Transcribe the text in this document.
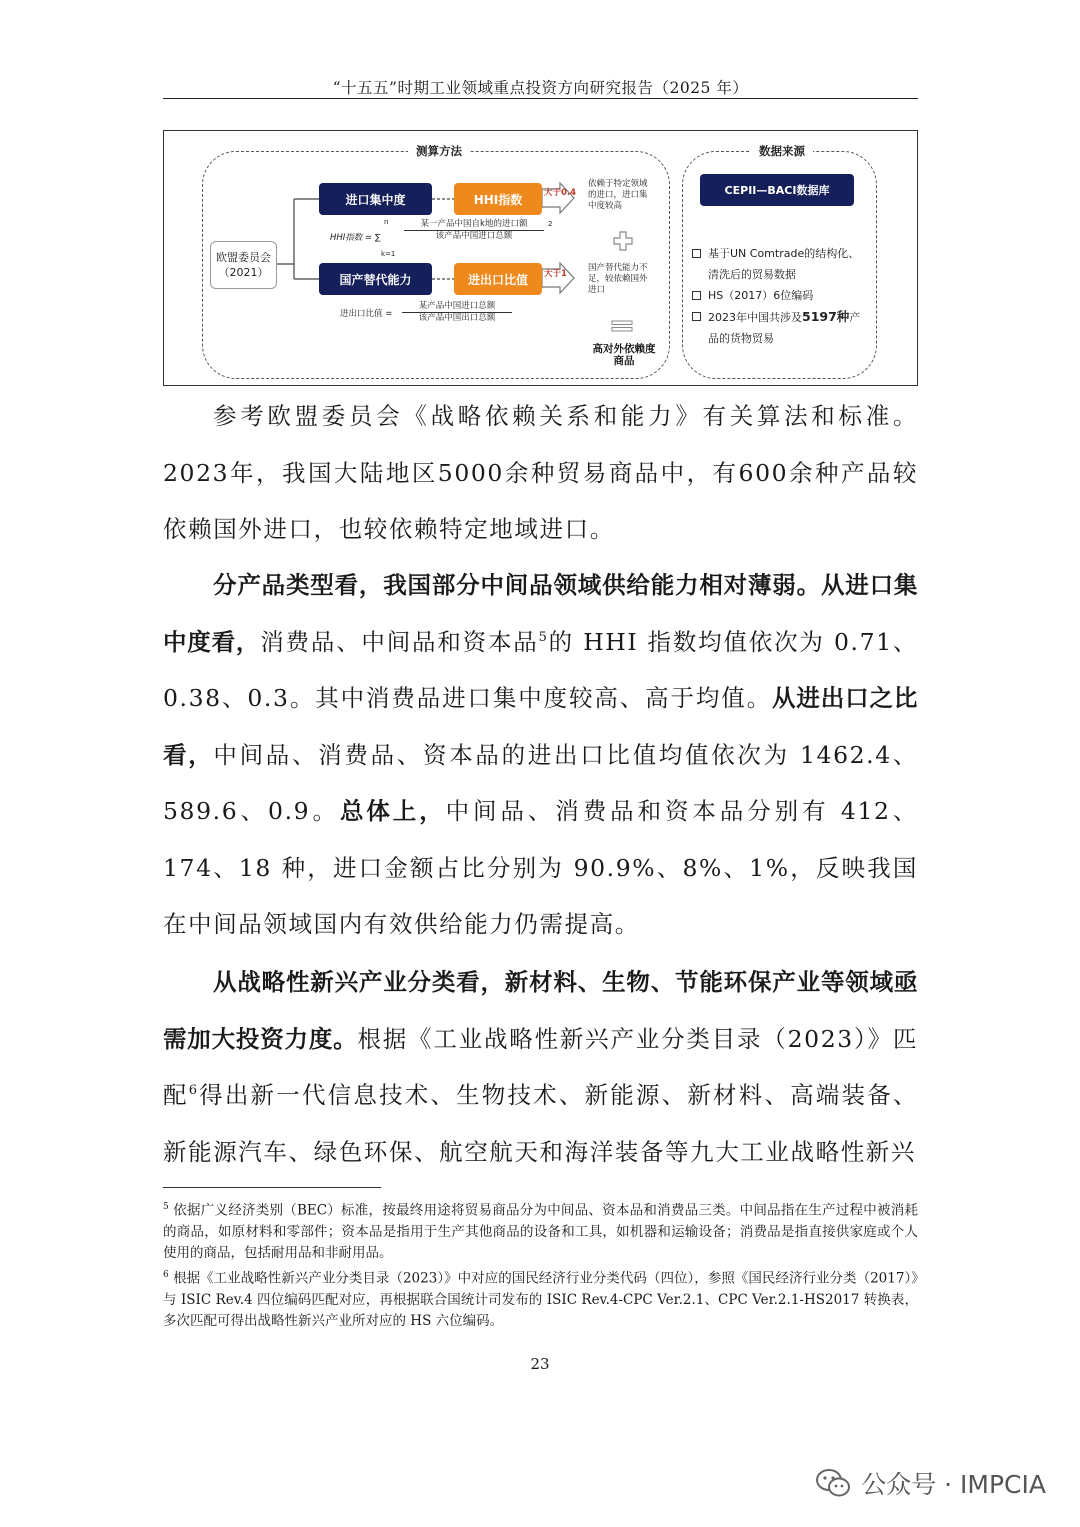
“十五五”时期工业领域重点投资方向研究报告（2025 年）
测算方法	数据来源
欧盟委员会
（2021）
进口集中度	HHI指数	大于0.4
依赖于特定领域
的进口，进口集
中度较高
HHI指数 = ∑
n
k=1
某一产品中国自k地的进口额
该产品中国进口总额
2
国产替代能力	进出口比值	大于1
国产替代能力不
足，较依赖国外
进口
进出口比值 =
某产品中国进口总额
该产品中国出口总额
高对外依赖度
商品
CEPII—BACI数据库
基于UN Comtrade的结构化、
清洗后的贸易数据
HS（2017）6位编码
2023年中国共涉及5197种产
品的货物贸易

参考欧盟委员会《战略依赖关系和能力》有关算法和标准。2023年，我国大陆地区5000余种贸易商品中，有600余种产品较依赖国外进口，也较依赖特定地域进口。

分产品类型看，我国部分中间品领域供给能力相对薄弱。从进口集中度看，消费品、中间品和资本品$^5$的 HHI 指数均值依次为 0.71、0.38、0.3。其中消费品进口集中度较高、高于均值。从进出口之比看，中间品、消费品、资本品的进出口比值均值依次为 1462.4、589.6、0.9。总体上，中间品、消费品和资本品分别有 412、174、18 种，进口金额占比分别为 90.9%、8%、1%，反映我国在中间品领域国内有效供给能力仍需提高。

从战略性新兴产业分类看，新材料、生物、节能环保产业等领域亟需加大投资力度。根据《工业战略性新兴产业分类目录（2023）》匹配$^6$得出新一代信息技术、生物技术、新能源、新材料、高端装备、新能源汽车、绿色环保、航空航天和海洋装备等九大工业战略性新兴

$^5$ 依据广义经济类别（BEC）标准，按最终用途将贸易商品分为中间品、资本品和消费品三类。中间品指在生产过程中被消耗的商品，如原材料和零部件；资本品是指用于生产其他商品的设备和工具，如机器和运输设备；消费品是指直接供家庭或个人使用的商品，包括耐用品和非耐用品。

$^6$ 根据《工业战略性新兴产业分类目录（2023）》中对应的国民经济行业分类代码（四位），参照《国民经济行业分类（2017）》与 ISIC Rev.4 四位编码匹配对应，再根据联合国统计司发布的 ISIC Rev.4-CPC Ver.2.1、CPC Ver.2.1-HS2017 转换表，多次匹配可得出战略性新兴产业所对应的 HS 六位编码。

23
公众号 · IMPCIA
